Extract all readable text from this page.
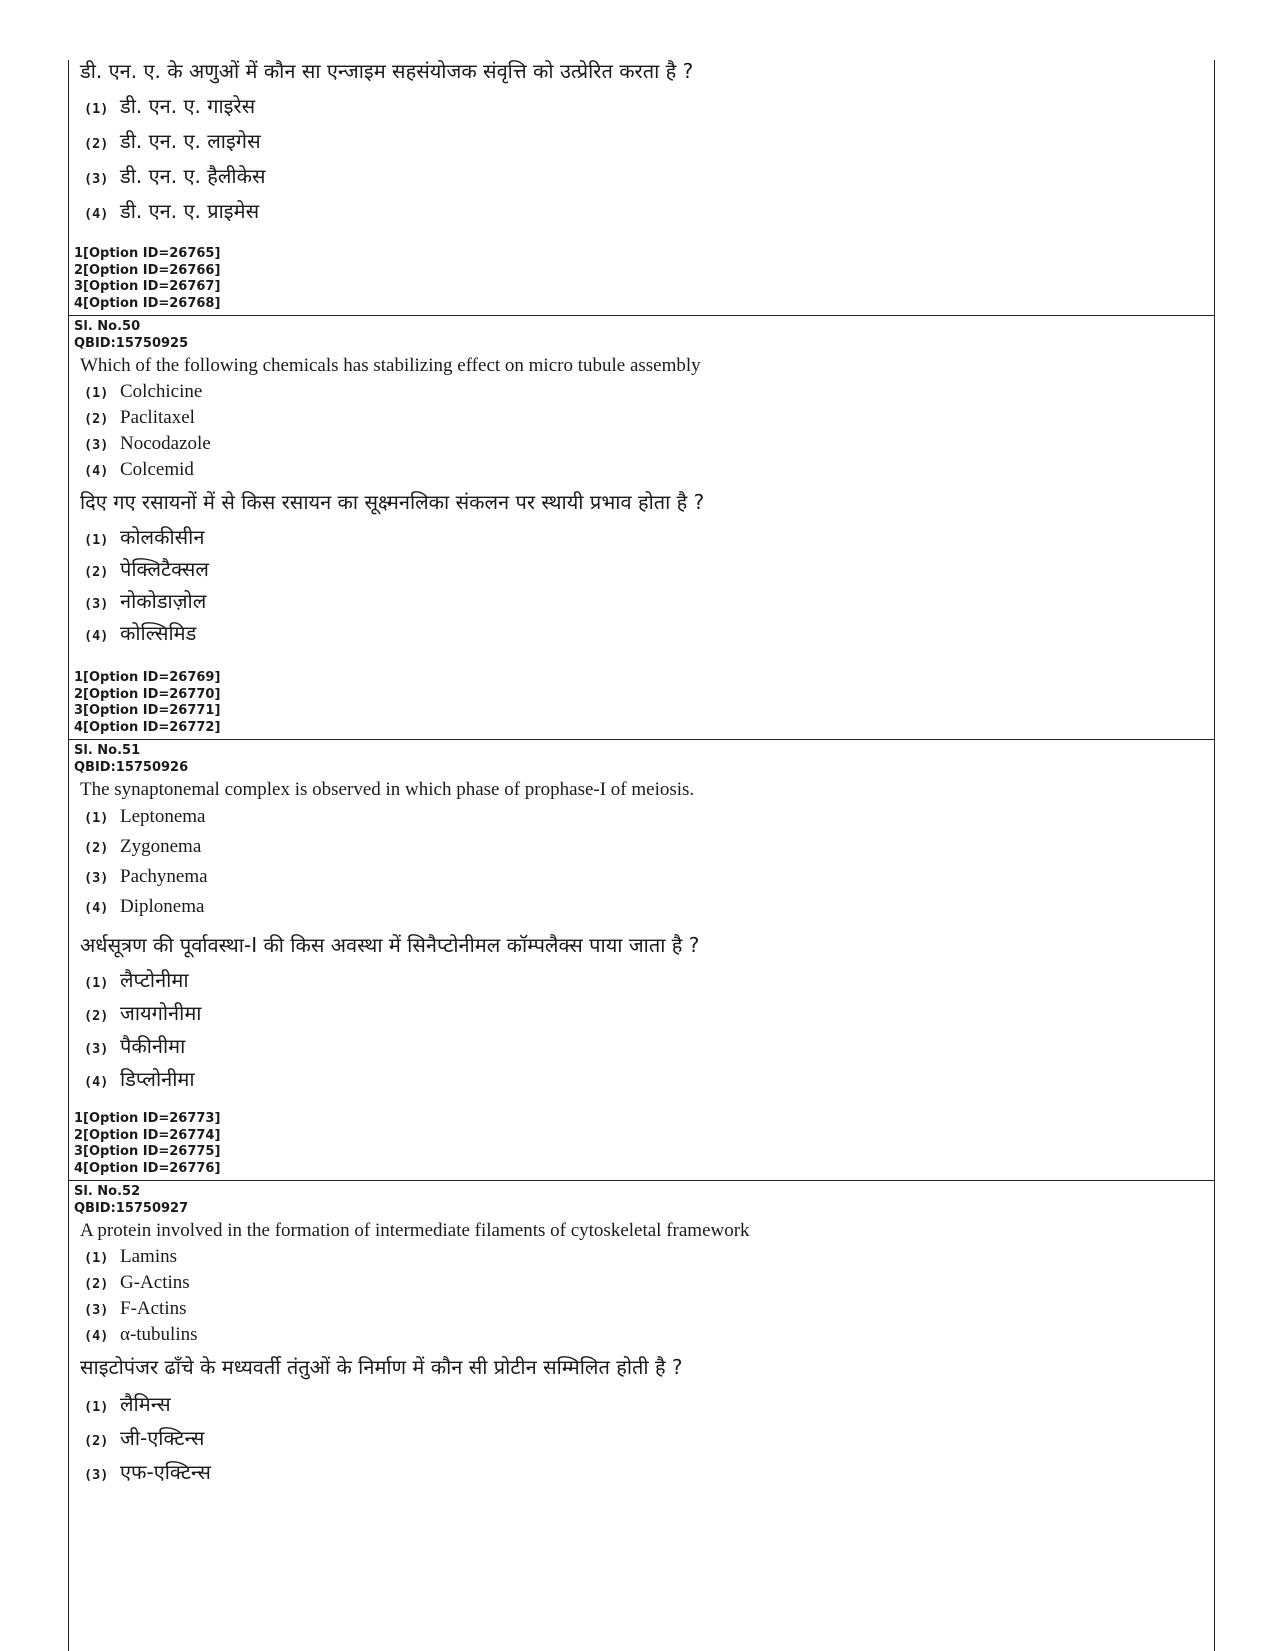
डी. एन. ए. के अणुओं में कौन सा एन्जाइम सहसंयोजक संवृत्ति को उत्प्रेरित करता है ?

(1) डी. एन. ए. गाइरेस
(2) डी. एन. ए. लाइगेस
(3) डी. एन. ए. हैलीकेस
(4) डी. एन. ए. प्राइमेस

1[Option ID=26765]

2[Option ID=26766]

3[Option ID=26767]

4[Option ID=26768]

Sl. No.50

QBID:15750925

Which of the following chemicals has stabilizing effect on micro tubule assembly

(1) Colchicine
(2) Paclitaxel
(3) Nocodazole
(4) Colcemid

दिए गए रसायनों में से किस रसायन का सूक्ष्मनलिका संकलन पर स्थायी प्रभाव होता है ?

(1) कोलकीसीन
(2) पेक्लिटैक्सल
(3) नोकोडाज़ोल
(4) कोल्सिमिड

1[Option ID=26769]

2[Option ID=26770]

3[Option ID=26771]

4[Option ID=26772]

Sl. No.51

QBID:15750926

The synaptonemal complex is observed in which phase of prophase-I of meiosis.

(1) Leptonema
(2) Zygonema
(3) Pachynema
(4) Diplonema

अर्धसूत्रण की पूर्वावस्था-I की किस अवस्था में सिनैप्टोनीमल कॉम्पलैक्स पाया जाता है ?

(1) लैप्टोनीमा
(2) जायगोनीमा
(3) पैकीनीमा
(4) डिप्लोनीमा

1[Option ID=26773]

2[Option ID=26774]

3[Option ID=26775]

4[Option ID=26776]

Sl. No.52

QBID:15750927

A protein involved in the formation of intermediate filaments of cytoskeletal framework

(1) Lamins
(2) G-Actins
(3) F-Actins
(4) α-tubulins

साइटोपंजर ढाँचे के मध्यवर्ती तंतुओं के निर्माण में कौन सी प्रोटीन सम्मिलित होती है ?

(1) लैमिन्स
(2) जी-एक्टिन्स
(3) एफ-एक्टिन्स
